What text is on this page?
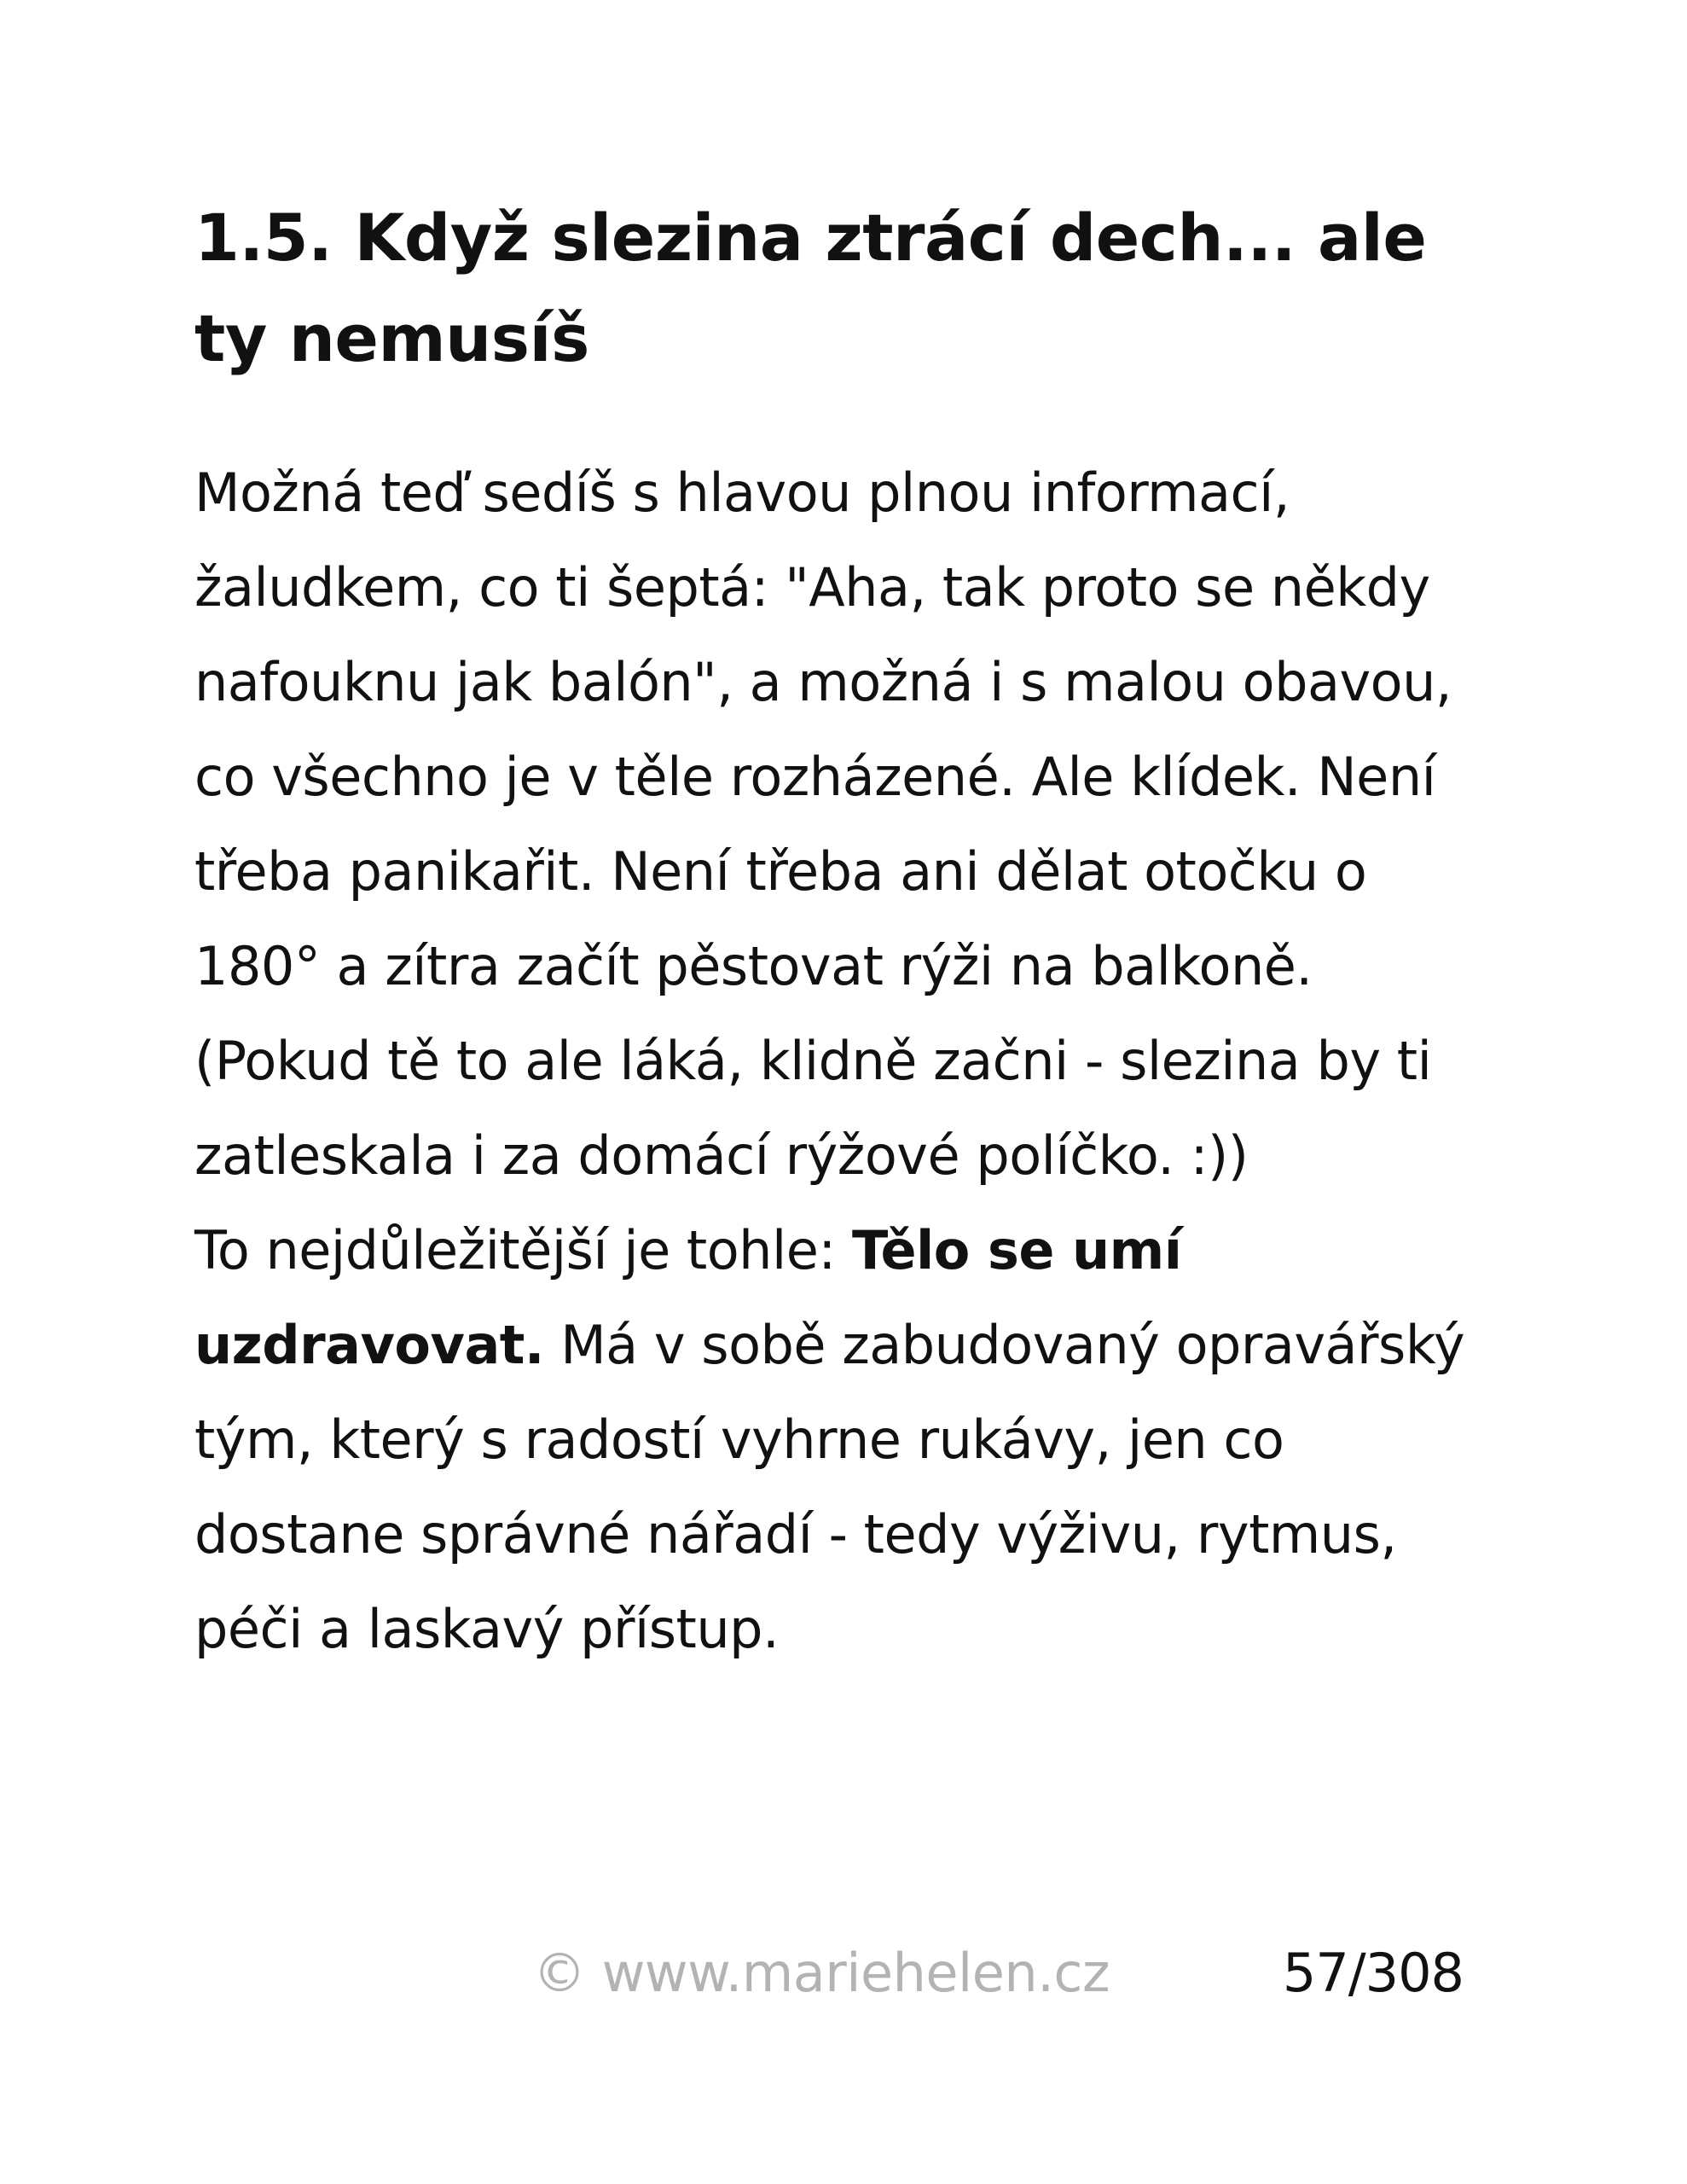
1.5. Když slezina ztrácí dech... ale ty nemusíš

Možná teď sedíš s hlavou plnou informací, žaludkem, co ti šeptá: "Aha, tak proto se někdy nafouknu jak balón", a možná i s malou obavou, co všechno je v těle rozházené. Ale klídek. Není třeba panikařit. Není třeba ani dělat otočku o 180° a zítra začít pěstovat rýži na balkoně.

(Pokud tě to ale láká, klidně začni - slezina by ti zatleskala i za domácí rýžové políčko. :))

To nejdůležitější je tohle: Tělo se umí uzdravovat. Má v sobě zabudovaný opravářský tým, který s radostí vyhrne rukávy, jen co dostane správné nářadí - tedy výživu, rytmus, péči a laskavý přístup.

© www.mariehelen.cz	57/308
